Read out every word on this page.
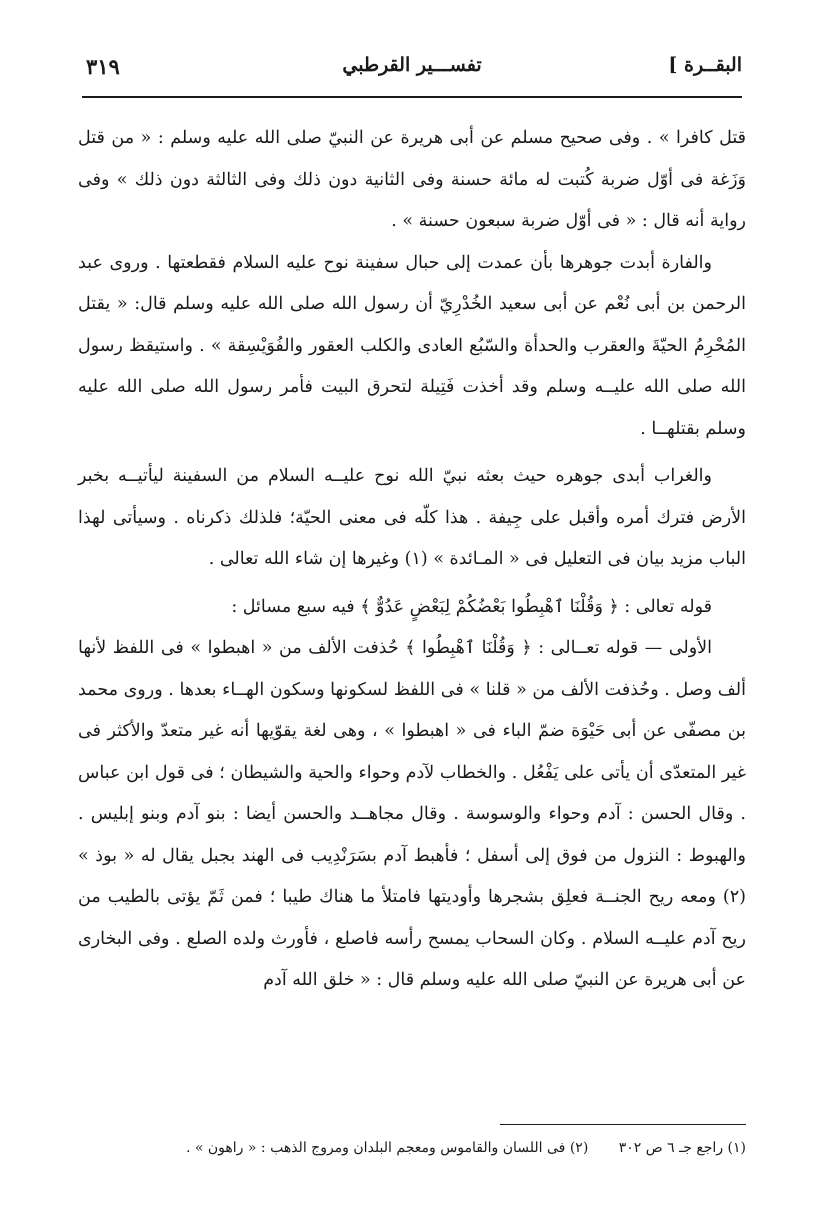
البقــرة ]
تفســـير القرطبي
٣١٩

قتل كافرا » . وفى صحيح مسلم عن أبى هريرة عن النبيّ صلى الله عليه وسلم : « من قتل وَزَغة فى أوّل ضربة كُتبت له مائة حسنة وفى الثانية دون ذلك وفى الثالثة دون ذلك » وفى رواية أنه قال : « فى أوّل ضربة سبعون حسنة » .

والفارة أبدت جوهرها بأن عمدت إلى حبال سفينة نوح عليه السلام فقطعتها . وروى عبد الرحمن بن أبى نُعْم عن أبى سعيد الخُدْرِيّ أن رسول الله صلى الله عليه وسلم قال: « يقتل المُحْرِمُ الحيّةَ والعقرب والحدأة والسّبُع العادى والكلب العقور والفُوَيْسِقة » . واستيقظ رسول الله صلى الله عليــه وسلم وقد أخذت فَتِيلة لتحرق البيت فأمر رسول الله صلى الله عليه وسلم بقتلهــا .

والغراب أبدى جوهره حيث بعثه نبيّ الله نوح عليــه السلام من السفينة ليأتيــه بخبر الأرض فترك أمره وأقبل على جِيفة . هذا كلّه فى معنى الحيّة؛ فلذلك ذكرناه . وسيأتى لهذا الباب مزيد بيان فى التعليل فى « المـائدة » (١) وغيرها إن شاء الله تعالى .

قوله تعالى : ﴿ وَقُلْنَا ٱهْبِطُوا بَعْضُكُمْ لِبَعْضٍ عَدُوٌّ ﴾ فيه سبع مسائل :

الأولى — قوله تعــالى : ﴿ وَقُلْنَا ٱهْبِطُوا ﴾ حُذفت الألف من « اهبطوا » فى اللفظ لأنها ألف وصل . وحُذفت الألف من « قلنا » فى اللفظ لسكونها وسكون الهــاء بعدها . وروى محمد بن مصفّى عن أبى حَيْوَة ضمّ الباء فى « اهبطوا » ، وهى لغة يقوّيها أنه غير متعدّ والأكثر فى غير المتعدّى أن يأتى على يَفْعُل . والخطاب لآدم وحواء والحية والشيطان ؛ فى قول ابن عباس . وقال الحسن : آدم وحواء والوسوسة . وقال مجاهــد والحسن أيضا : بنو آدم وبنو إبليس . والهبوط : النزول من فوق إلى أسفل ؛ فأهبط آدم بسَرَنْدِيب فى الهند بجبل يقال له « بوذ » (٢) ومعه ريح الجنــة فعلِق بشجرها وأوديتها فامتلأ ما هناك طيبا ؛ فمن ثَمّ يؤتى بالطيب من ريح آدم عليــه السلام . وكان السحاب يمسح رأسه فاصلع ، فأورث ولده الصلع . وفى البخارى عن أبى هريرة عن النبيّ صلى الله عليه وسلم قال : « خلق الله آدم

(١) راجع جـ ٦ ص ٣٠٢ (٢) فى اللسان والقاموس ومعجم البلدان ومروج الذهب : « راهون » .
